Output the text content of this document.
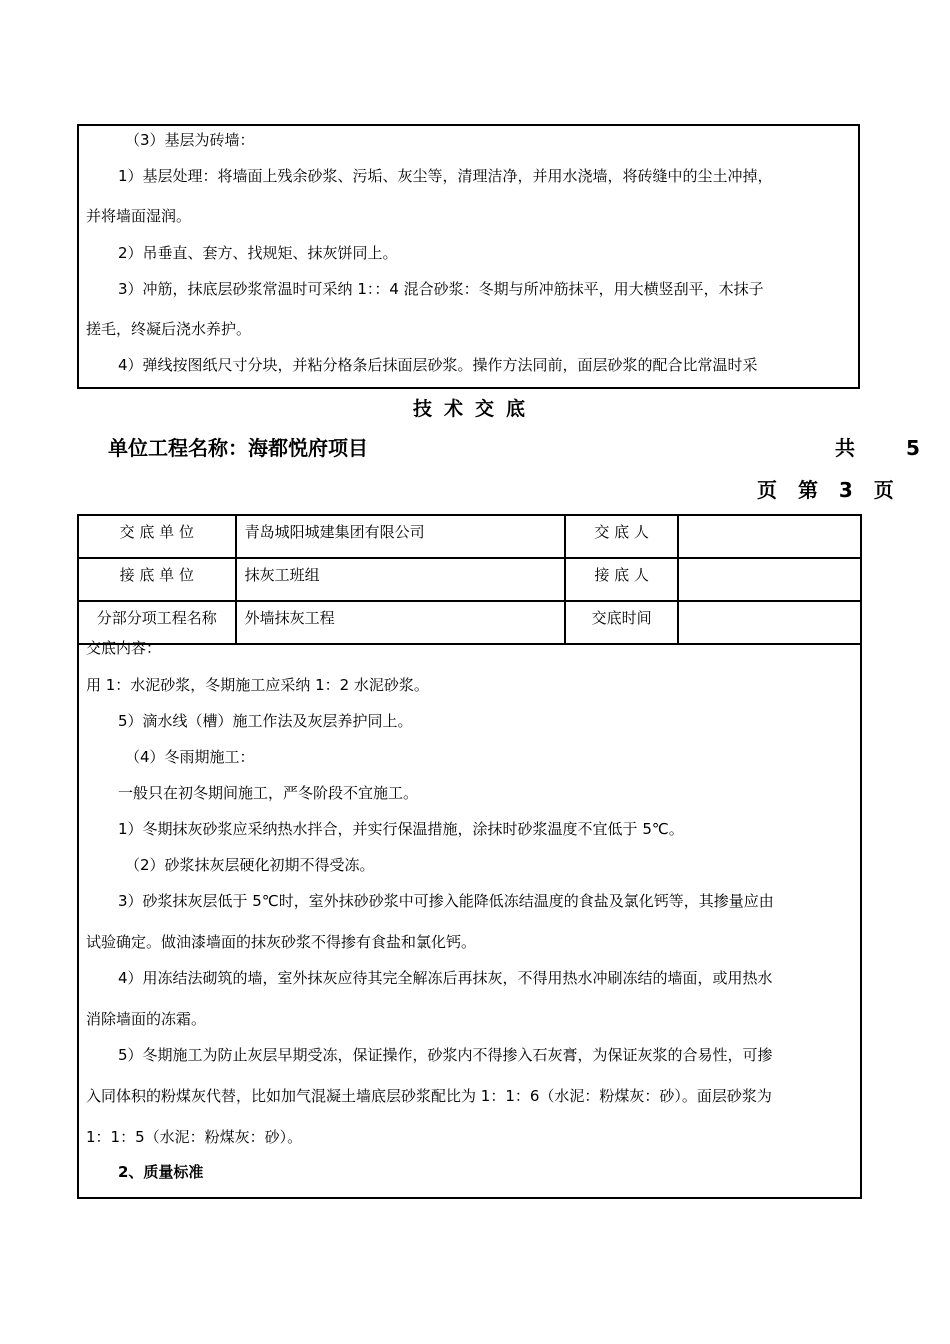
（3）基层为砖墙：
1）基层处理：将墙面上残余砂浆、污垢、灰尘等，清理洁净，并用水浇墙，将砖缝中的尘土冲掉，
并将墙面湿润。
2）吊垂直、套方、找规矩、抹灰饼同上。
3）冲筋，抹底层砂浆常温时可采纳 1：：4 混合砂浆：冬期与所冲筋抹平，用大横竖刮平，木抹子
搓毛，终凝后浇水养护。
4）弹线按图纸尺寸分块，并粘分格条后抹面层砂浆。操作方法同前，面层砂浆的配合比常温时采
技术交底
单位工程名称：海都悦府项目	共 5
页 第 3 页
交 底 单 位	青岛城阳城建集团有限公司	交 底 人	
接 底 单 位	抹灰工班组	接 底 人	
分部分项工程名称	外墙抹灰工程	交底时间	
交底内容：
用 1：水泥砂浆，冬期施工应采纳 1：2 水泥砂浆。
5）滴水线（槽）施工作法及灰层养护同上。
（4）冬雨期施工：
一般只在初冬期间施工，严冬阶段不宜施工。
1）冬期抹灰砂浆应采纳热水拌合，并实行保温措施，涂抹时砂浆温度不宜低于 5℃。
（2）砂浆抹灰层硬化初期不得受冻。
3）砂浆抹灰层低于 5℃时，室外抹砂砂浆中可掺入能降低冻结温度的食盐及氯化钙等，其掺量应由
试验确定。做油漆墙面的抹灰砂浆不得掺有食盐和氯化钙。
4）用冻结法砌筑的墙，室外抹灰应待其完全解冻后再抹灰，不得用热水冲刷冻结的墙面，或用热水
消除墙面的冻霜。
5）冬期施工为防止灰层早期受冻，保证操作，砂浆内不得掺入石灰膏，为保证灰浆的合易性，可掺
入同体积的粉煤灰代替，比如加气混凝土墙底层砂浆配比为 1：1：6（水泥：粉煤灰：砂）。面层砂浆为
1：1：5（水泥：粉煤灰：砂）。
2、质量标准
